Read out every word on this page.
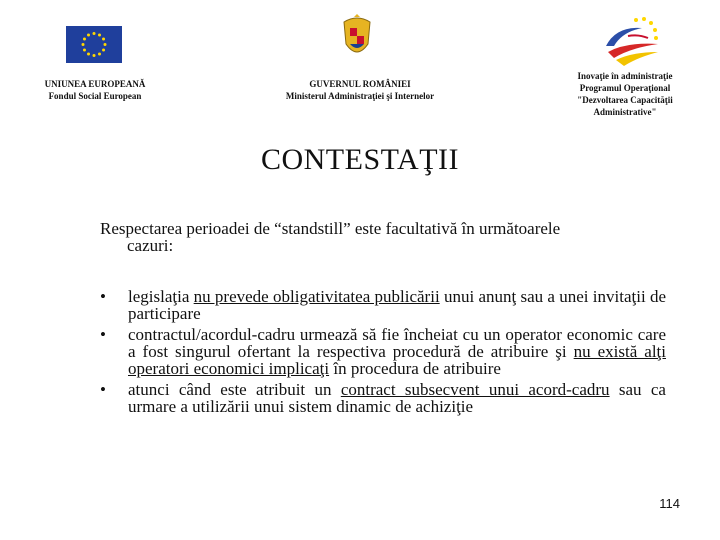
UNIUNEA EUROPEANĂ
Fondul Social European
GUVERNUL ROMÂNIEI
Ministerul Administraţiei şi Internelor
Inovaţie în administraţie
Programul Operaţional
"Dezvoltarea Capacităţii
Administrative"
CONTESTAŢII
Respectarea perioadei de “standstill” este facultativă în următoarele
cazuri:
• legislaţia nu prevede obligativitatea publicării unui anunţ sau a unei invitaţii de participare
• contractul/acordul-cadru urmează să fie încheiat cu un operator economic care a fost singurul ofertant la respectiva procedură de atribuire şi nu există alţi operatori economici implicaţi în procedura de atribuire
• atunci când este atribuit un contract subsecvent unui acord-cadru sau ca urmare a utilizării unui sistem dinamic de achiziţie
114
